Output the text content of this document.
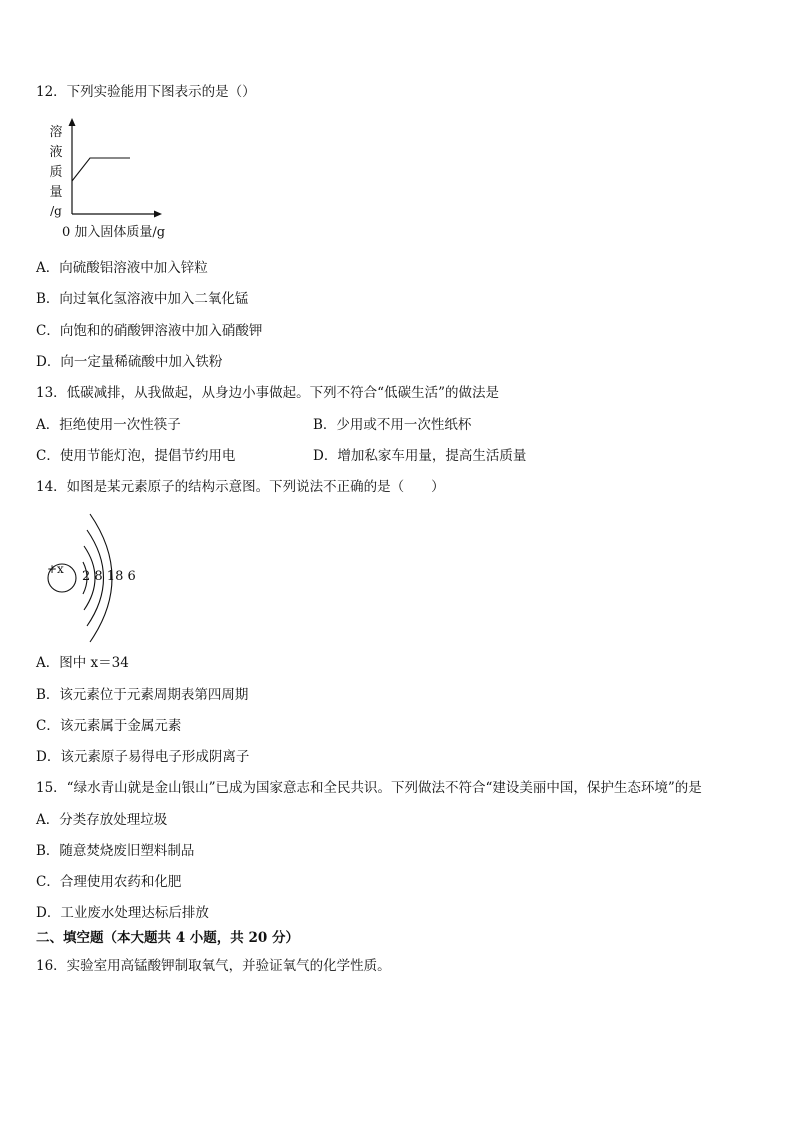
12．下列实验能用下图表示的是（）
溶
液
质
量
/g
0 加入固体质量/g
A．向硫酸铝溶液中加入锌粒
B．向过氧化氢溶液中加入二氧化锰
C．向饱和的硝酸钾溶液中加入硝酸钾
D．向一定量稀硫酸中加入铁粉
13．低碳减排，从我做起，从身边小事做起。下列不符合“低碳生活”的做法是
A．拒绝使用一次性筷子	B．少用或不用一次性纸杯
C．使用节能灯泡，提倡节约用电	D．增加私家车用量，提高生活质量
14．如图是某元素原子的结构示意图。下列说法不正确的是（　　）
+x 2 8 18 6
A．图中 x＝34
B．该元素位于元素周期表第四周期
C．该元素属于金属元素
D．该元素原子易得电子形成阴离子
15．“绿水青山就是金山银山”已成为国家意志和全民共识。下列做法不符合“建设美丽中国，保护生态环境”的是
A．分类存放处理垃圾
B．随意焚烧废旧塑料制品
C．合理使用农药和化肥
D．工业废水处理达标后排放
二、填空题（本大题共 4 小题，共 20 分）
16．实验室用高锰酸钾制取氧气，并验证氧气的化学性质。
